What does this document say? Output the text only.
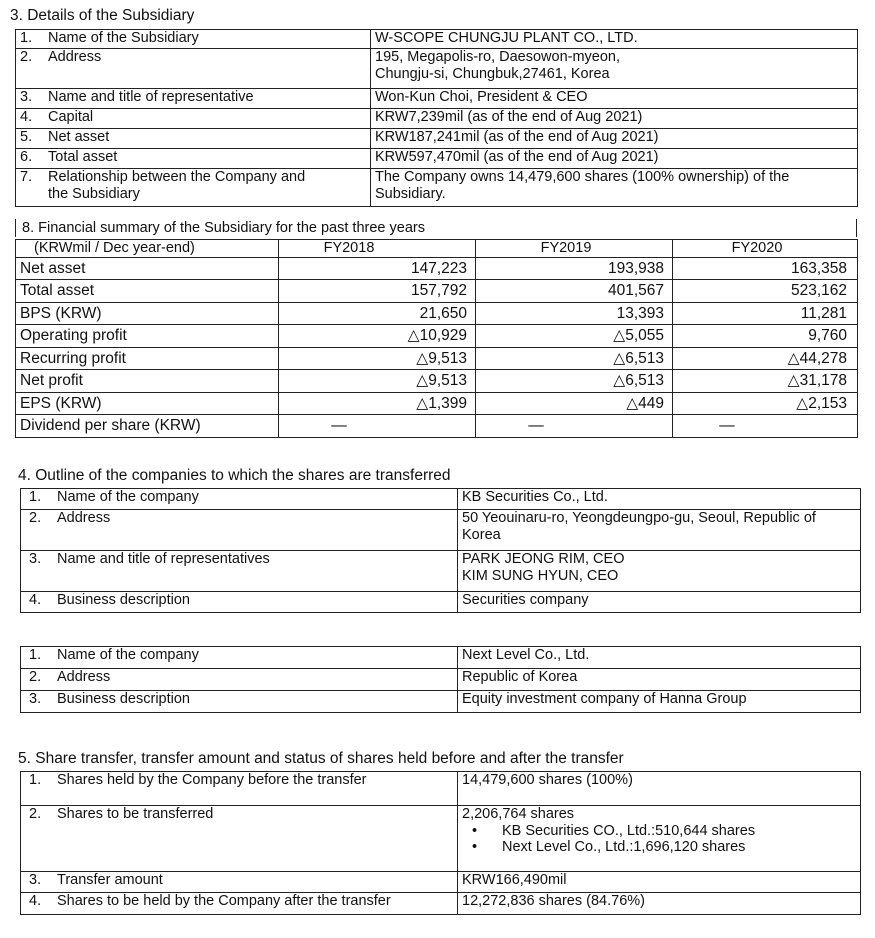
3. Details of the Subsidiary
1. Name of the Subsidiary	W-SCOPE CHUNGJU PLANT CO., LTD.
2. Address	195, Megapolis-ro, Daesowon-myeon,
Chungju-si, Chungbuk,27461, Korea
3. Name and title of representative	Won-Kun Choi, President & CEO
4. Capital	KRW7,239mil (as of the end of Aug 2021)
5. Net asset	KRW187,241mil (as of the end of Aug 2021)
6. Total asset	KRW597,470mil (as of the end of Aug 2021)
7. Relationship between the Company and
the Subsidiary	The Company owns 14,479,600 shares (100% ownership) of the
Subsidiary.
8. Financial summary of the Subsidiary for the past three years
(KRWmil / Dec year-end)	FY2018	FY2019	FY2020
Net asset	147,223	193,938	163,358
Total asset	157,792	401,567	523,162
BPS (KRW)	21,650	13,393	11,281
Operating profit	△10,929	△5,055	9,760
Recurring profit	△9,513	△6,513	△44,278
Net profit	△9,513	△6,513	△31,178
EPS (KRW)	△1,399	△449	△2,153
Dividend per share (KRW)	—	—	—
4. Outline of the companies to which the shares are transferred
1. Name of the company	KB Securities Co., Ltd.
2. Address	50 Yeouinaru-ro, Yeongdeungpo-gu, Seoul, Republic of
Korea
3. Name and title of representatives	PARK JEONG RIM, CEO
KIM SUNG HYUN, CEO
4. Business description	Securities company
1. Name of the company	Next Level Co., Ltd.
2. Address	Republic of Korea
3. Business description	Equity investment company of Hanna Group
5. Share transfer, transfer amount and status of shares held before and after the transfer
1. Shares held by the Company before the transfer	14,479,600 shares (100%)
2. Shares to be transferred	2,206,764 shares
• KB Securities CO., Ltd.:510,644 shares
• Next Level Co., Ltd.:1,696,120 shares

3. Transfer amount	KRW166,490mil
4. Shares to be held by the Company after the transfer	12,272,836 shares (84.76%)
